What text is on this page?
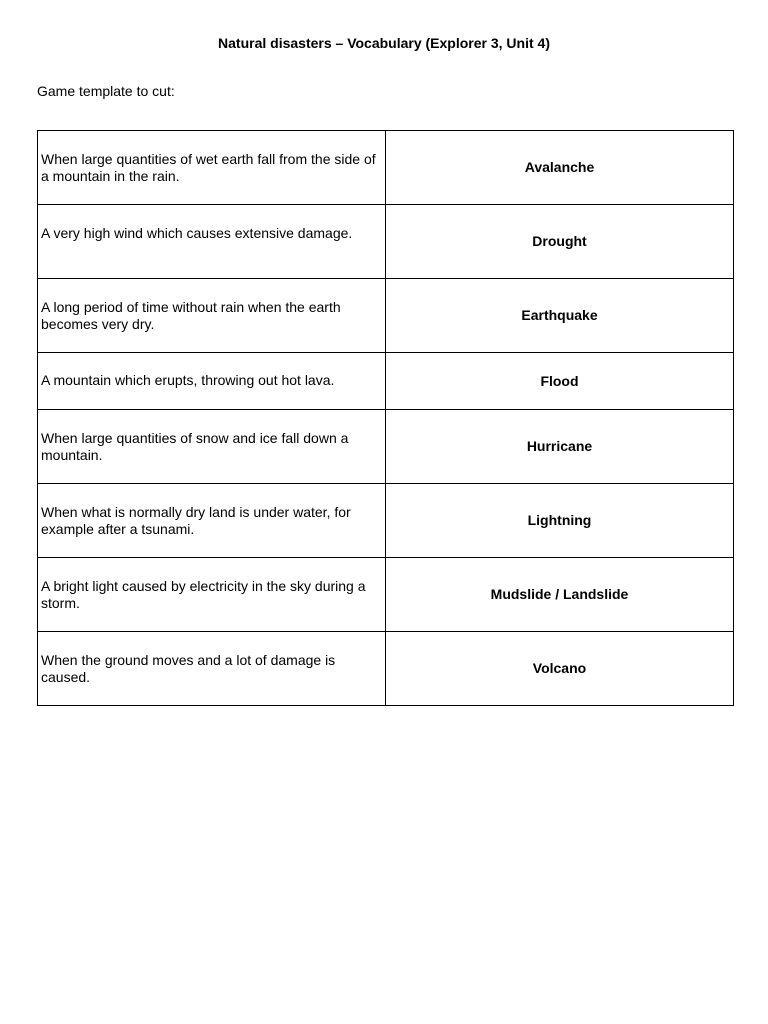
Natural disasters – Vocabulary (Explorer 3, Unit 4)
Game template to cut:
When large quantities of wet earth fall from the side of a mountain in the rain.	Avalanche

A very high wind which causes extensive damage.	Drought

A long period of time without rain when the earth becomes very dry.	Earthquake

A mountain which erupts, throwing out hot lava.	Flood

When large quantities of snow and ice fall down a mountain.	Hurricane

When what is normally dry land is under water, for example after a tsunami.	Lightning

A bright light caused by electricity in the sky during a storm.	Mudslide / Landslide

When the ground moves and a lot of damage is caused.	Volcano
